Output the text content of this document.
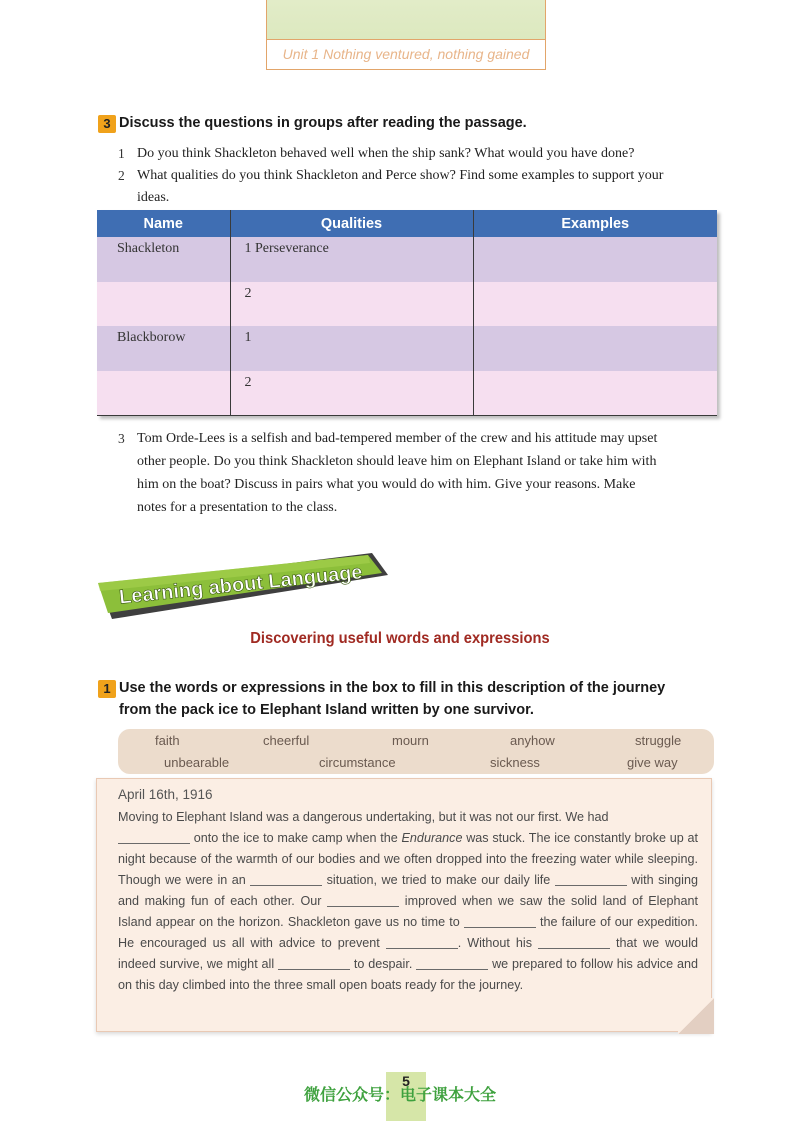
Unit 1 Nothing ventured, nothing gained
3 Discuss the questions in groups after reading the passage.
1 Do you think Shackleton behaved well when the ship sank? What would you have done?
2 What qualities do you think Shackleton and Perce show? Find some examples to support your
ideas.
Name	Qualities	Examples
Shackleton	1 Perseverance	
	2	
Blackborow	1	
	2	
3 Tom Orde-Lees is a selfish and bad-tempered member of the crew and his attitude may upset
other people. Do you think Shackleton should leave him on Elephant Island or take him with
him on the boat? Discuss in pairs what you would do with him. Give your reasons. Make
notes for a presentation to the class.
Learning about Language
Discovering useful words and expressions
1 Use the words or expressions in the box to fill in this description of the journey
from the pack ice to Elephant Island written by one survivor.
faith	cheerful	mourn	anyhow	struggle
unbearable	circumstance	sickness	give way
April 16th, 1916
Moving to Elephant Island was a dangerous undertaking, but it was not our first. We had
onto the ice to make camp when the Endurance was stuck. The ice constantly broke up at night because of the warmth of our bodies and we often dropped into the freezing water while sleeping. Though we were in an	situation, we tried to make our daily life	with singing and making fun of each other. Our	improved when we saw the solid land of Elephant Island appear on the horizon. Shackleton gave us no time to	the failure of our expedition. He encouraged us all with advice to prevent	. Without his	that we would indeed survive, we might all	to despair.	we prepared to follow his advice and on this day climbed into the three small open boats ready for the journey.
5
微信公众号：电子课本大全
